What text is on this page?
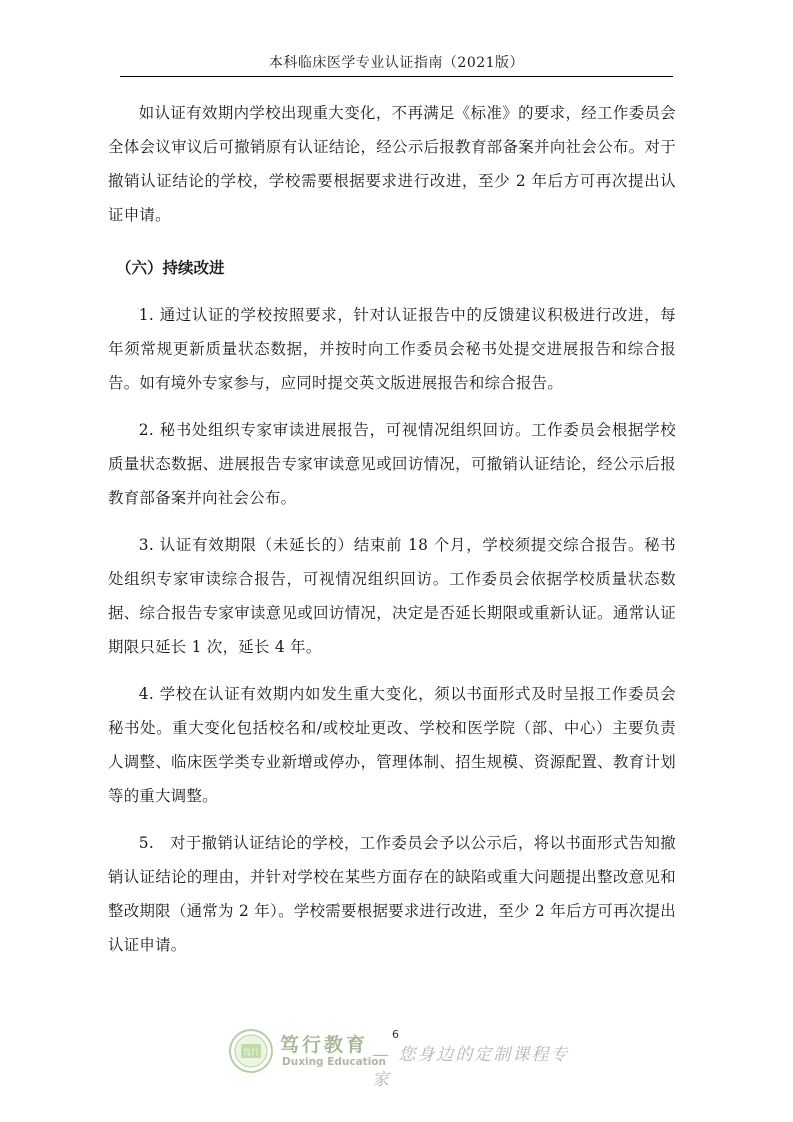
本科临床医学专业认证指南（2021版）

如认证有效期内学校出现重大变化，不再满足《标准》的要求，经工作委员会全体会议审议后可撤销原有认证结论，经公示后报教育部备案并向社会公布。对于撤销认证结论的学校，学校需要根据要求进行改进，至少 2 年后方可再次提出认证申请。

（六）持续改进

1. 通过认证的学校按照要求，针对认证报告中的反馈建议积极进行改进，每年须常规更新质量状态数据，并按时向工作委员会秘书处提交进展报告和综合报告。如有境外专家参与，应同时提交英文版进展报告和综合报告。

2. 秘书处组织专家审读进展报告，可视情况组织回访。工作委员会根据学校质量状态数据、进展报告专家审读意见或回访情况，可撤销认证结论，经公示后报教育部备案并向社会公布。

3. 认证有效期限（未延长的）结束前 18 个月，学校须提交综合报告。秘书处组织专家审读综合报告，可视情况组织回访。工作委员会依据学校质量状态数据、综合报告专家审读意见或回访情况，决定是否延长期限或重新认证。通常认证期限只延长 1 次，延长 4 年。

4. 学校在认证有效期内如发生重大变化，须以书面形式及时呈报工作委员会秘书处。重大变化包括校名和/或校址更改、学校和医学院（部、中心）主要负责人调整、临床医学类专业新增或停办，管理体制、招生规模、资源配置、教育计划等的重大调整。

5.　对于撤销认证结论的学校，工作委员会予以公示后，将以书面形式告知撤销认证结论的理由，并针对学校在某些方面存在的缺陷或重大问题提出整改意见和整改期限（通常为 2 年）。学校需要根据要求进行改进，至少 2 年后方可再次提出认证申请。

笃行 笃行教育
Duxing Education
— 您身边的定制课程专家
6
